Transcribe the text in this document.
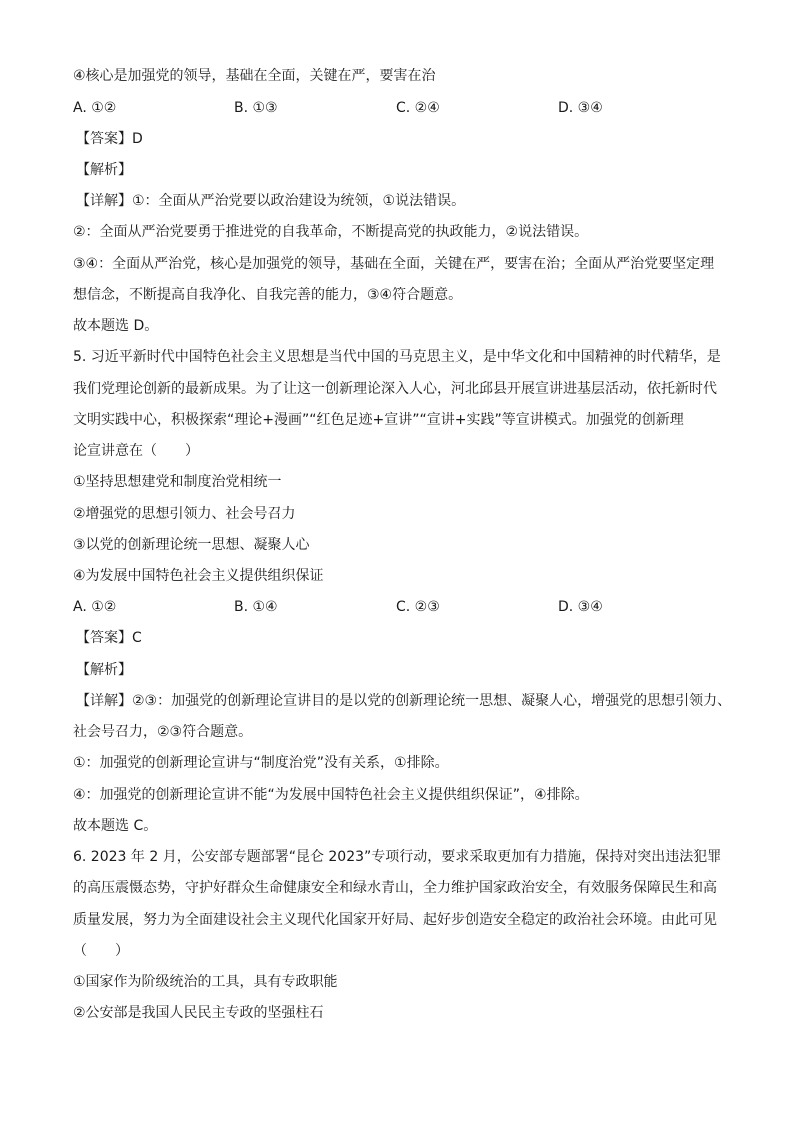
④核心是加强党的领导，基础在全面，关键在严，要害在治
A. ①②	B. ①③	C. ②④	D. ③④
【答案】D
【解析】
【详解】①：全面从严治党要以政治建设为统领，①说法错误。
②：全面从严治党要勇于推进党的自我革命，不断提高党的执政能力，②说法错误。
③④：全面从严治党，核心是加强党的领导，基础在全面，关键在严，要害在治；全面从严治党要坚定理
想信念，不断提高自我净化、自我完善的能力，③④符合题意。
故本题选 D。
5. 习近平新时代中国特色社会主义思想是当代中国的马克思主义，是中华文化和中国精神的时代精华，是
我们党理论创新的最新成果。为了让这一创新理论深入人心，河北邱县开展宣讲进基层活动，依托新时代
文明实践中心，积极探索“理论+漫画”“红色足迹+宣讲”“宣讲+实践”等宣讲模式。加强党的创新理
论宣讲意在（　　）
①坚持思想建党和制度治党相统一
②增强党的思想引领力、社会号召力
③以党的创新理论统一思想、凝聚人心
④为发展中国特色社会主义提供组织保证
A. ①②	B. ①④	C. ②③	D. ③④
【答案】C
【解析】
【详解】②③：加强党的创新理论宣讲目的是以党的创新理论统一思想、凝聚人心，增强党的思想引领力、
社会号召力，②③符合题意。
①：加强党的创新理论宣讲与“制度治党”没有关系，①排除。
④：加强党的创新理论宣讲不能“为发展中国特色社会主义提供组织保证”，④排除。
故本题选 C。
6. 2023 年 2 月，公安部专题部署“昆仑 2023”专项行动，要求采取更加有力措施，保持对突出违法犯罪
的高压震慑态势，守护好群众生命健康安全和绿水青山，全力维护国家政治安全，有效服务保障民生和高
质量发展，努力为全面建设社会主义现代化国家开好局、起好步创造安全稳定的政治社会环境。由此可见
（　　）
①国家作为阶级统治的工具，具有专政职能
②公安部是我国人民民主专政的坚强柱石
